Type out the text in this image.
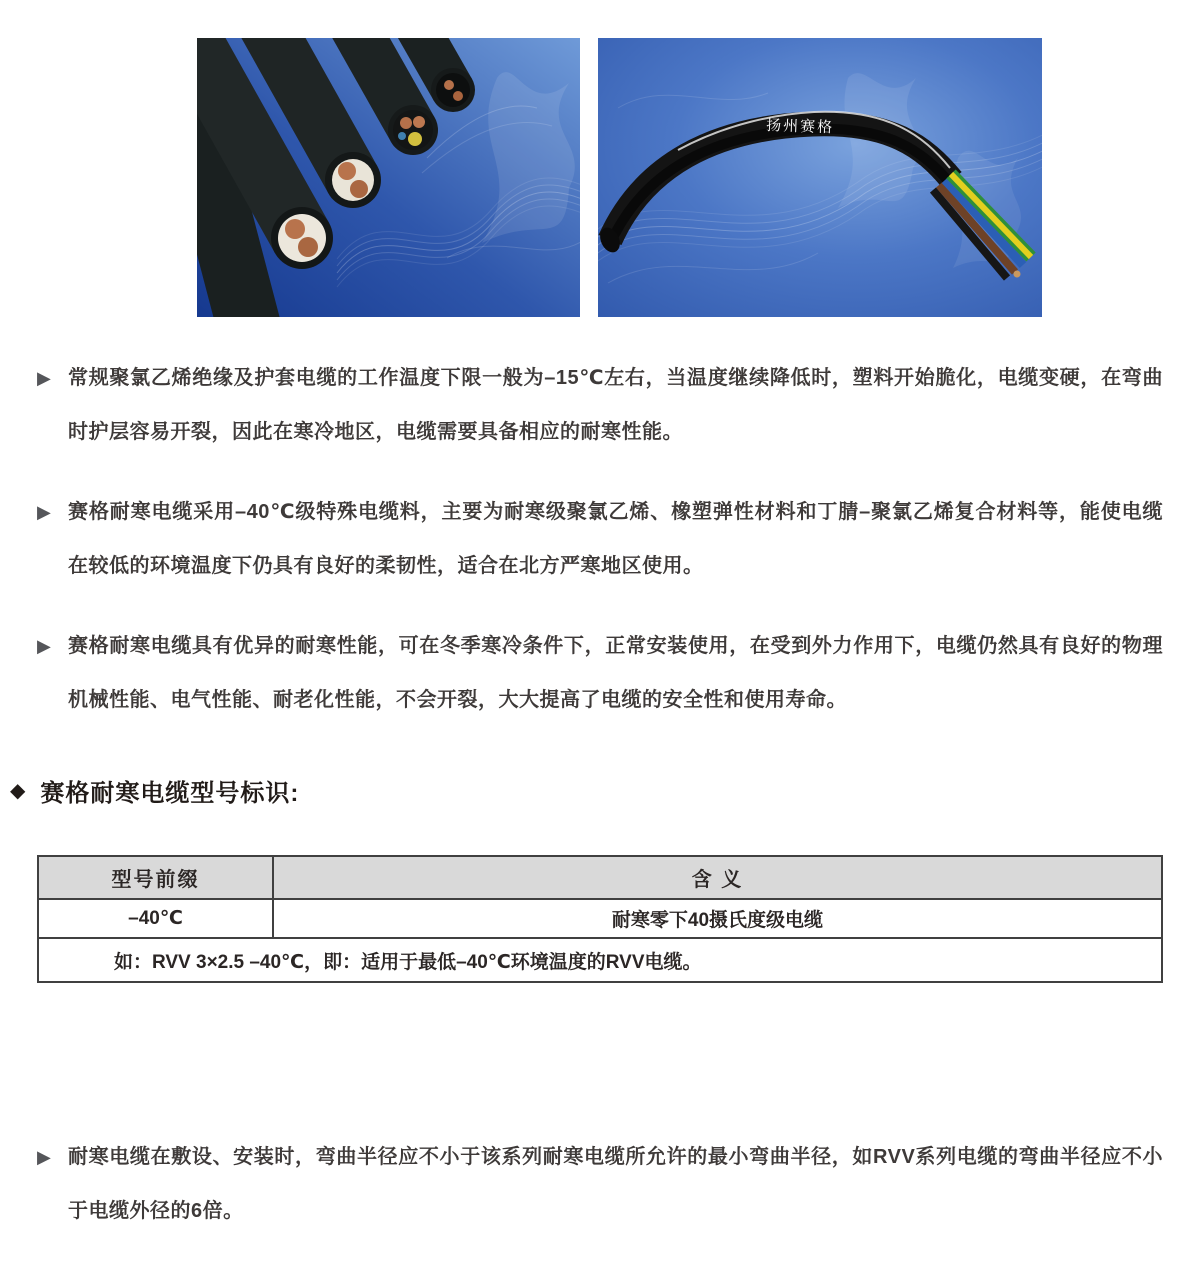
扬州赛格
▶ 常规聚氯乙烯绝缘及护套电缆的工作温度下限一般为–15℃左右，当温度继续降低时，塑料开始脆化，电缆变硬，在弯曲时护层容易开裂，因此在寒冷地区，电缆需要具备相应的耐寒性能。

▶ 赛格耐寒电缆采用–40℃级特殊电缆料，主要为耐寒级聚氯乙烯、橡塑弹性材料和丁腈–聚氯乙烯复合材料等，能使电缆在较低的环境温度下仍具有良好的柔韧性，适合在北方严寒地区使用。

▶ 赛格耐寒电缆具有优异的耐寒性能，可在冬季寒冷条件下，正常安装使用，在受到外力作用下，电缆仍然具有良好的物理机械性能、电气性能、耐老化性能，不会开裂，大大提高了电缆的安全性和使用寿命。

◆ 赛格耐寒电缆型号标识:
型号前缀	含 义
–40℃	耐寒零下40摄氏度级电缆
如：RVV 3×2.5 –40℃，即：适用于最低–40℃环境温度的RVV电缆。	
▶ 耐寒电缆在敷设、安装时，弯曲半径应不小于该系列耐寒电缆所允许的最小弯曲半径，如RVV系列电缆的弯曲半径应不小于电缆外径的6倍。
